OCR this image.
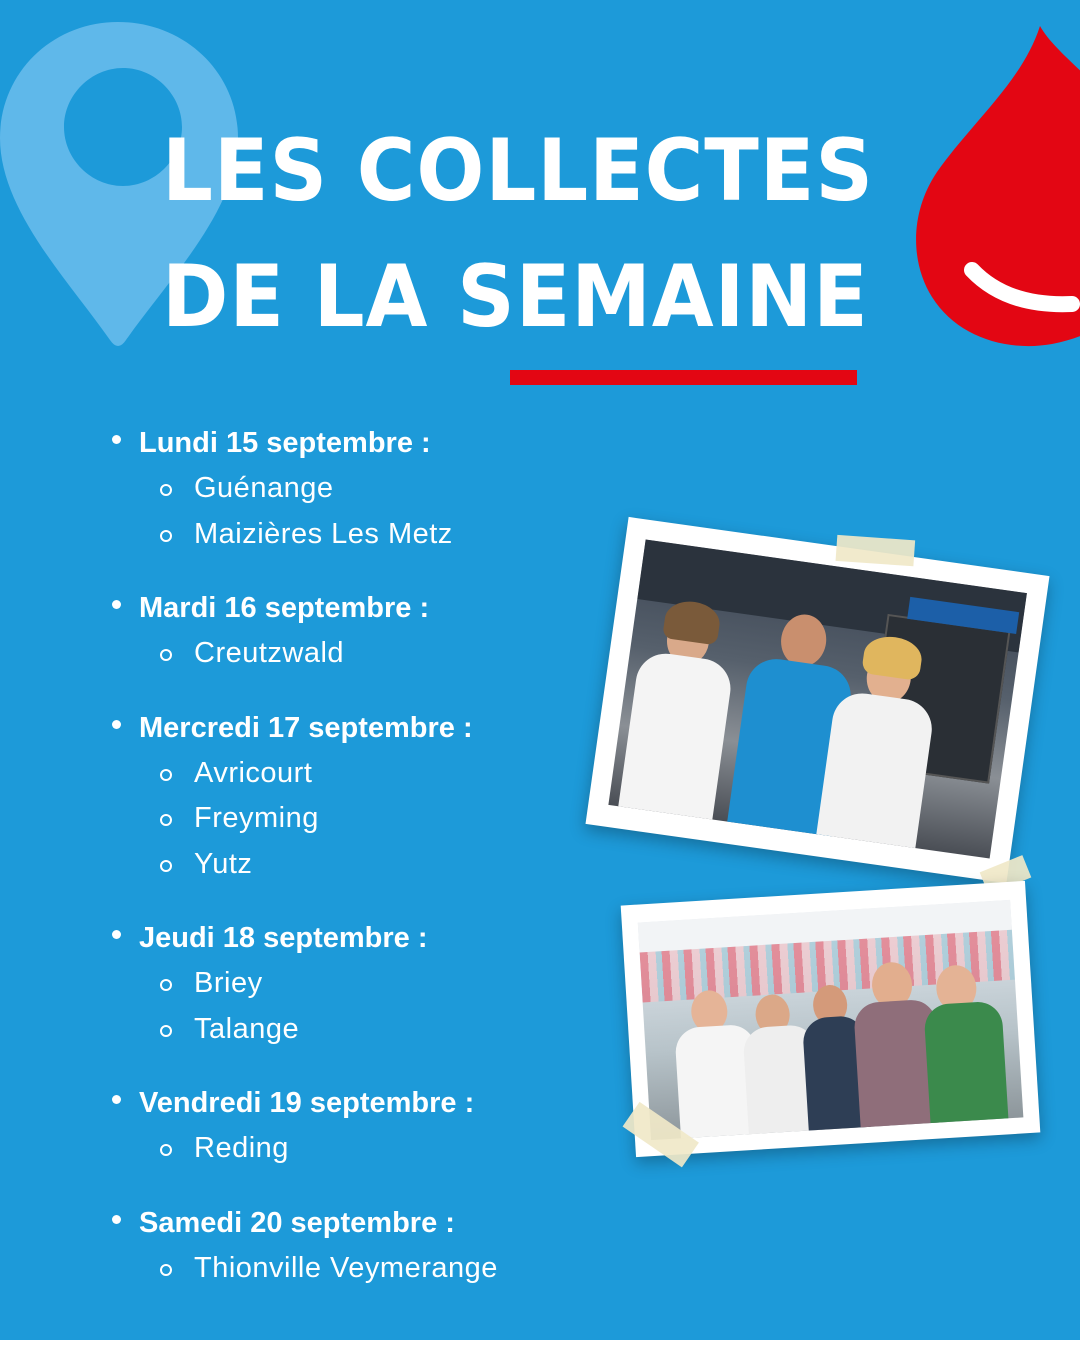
LES COLLECTES
DE LA SEMAINE
Lundi 15 septembre :
Guénange
Maizières Les Metz
Mardi 16 septembre :
Creutzwald
Mercredi 17 septembre :
Avricourt
Freyming
Yutz
Jeudi 18 septembre :
Briey
Talange
Vendredi 19 septembre :
Reding
Samedi 20 septembre :
Thionville Veymerange
